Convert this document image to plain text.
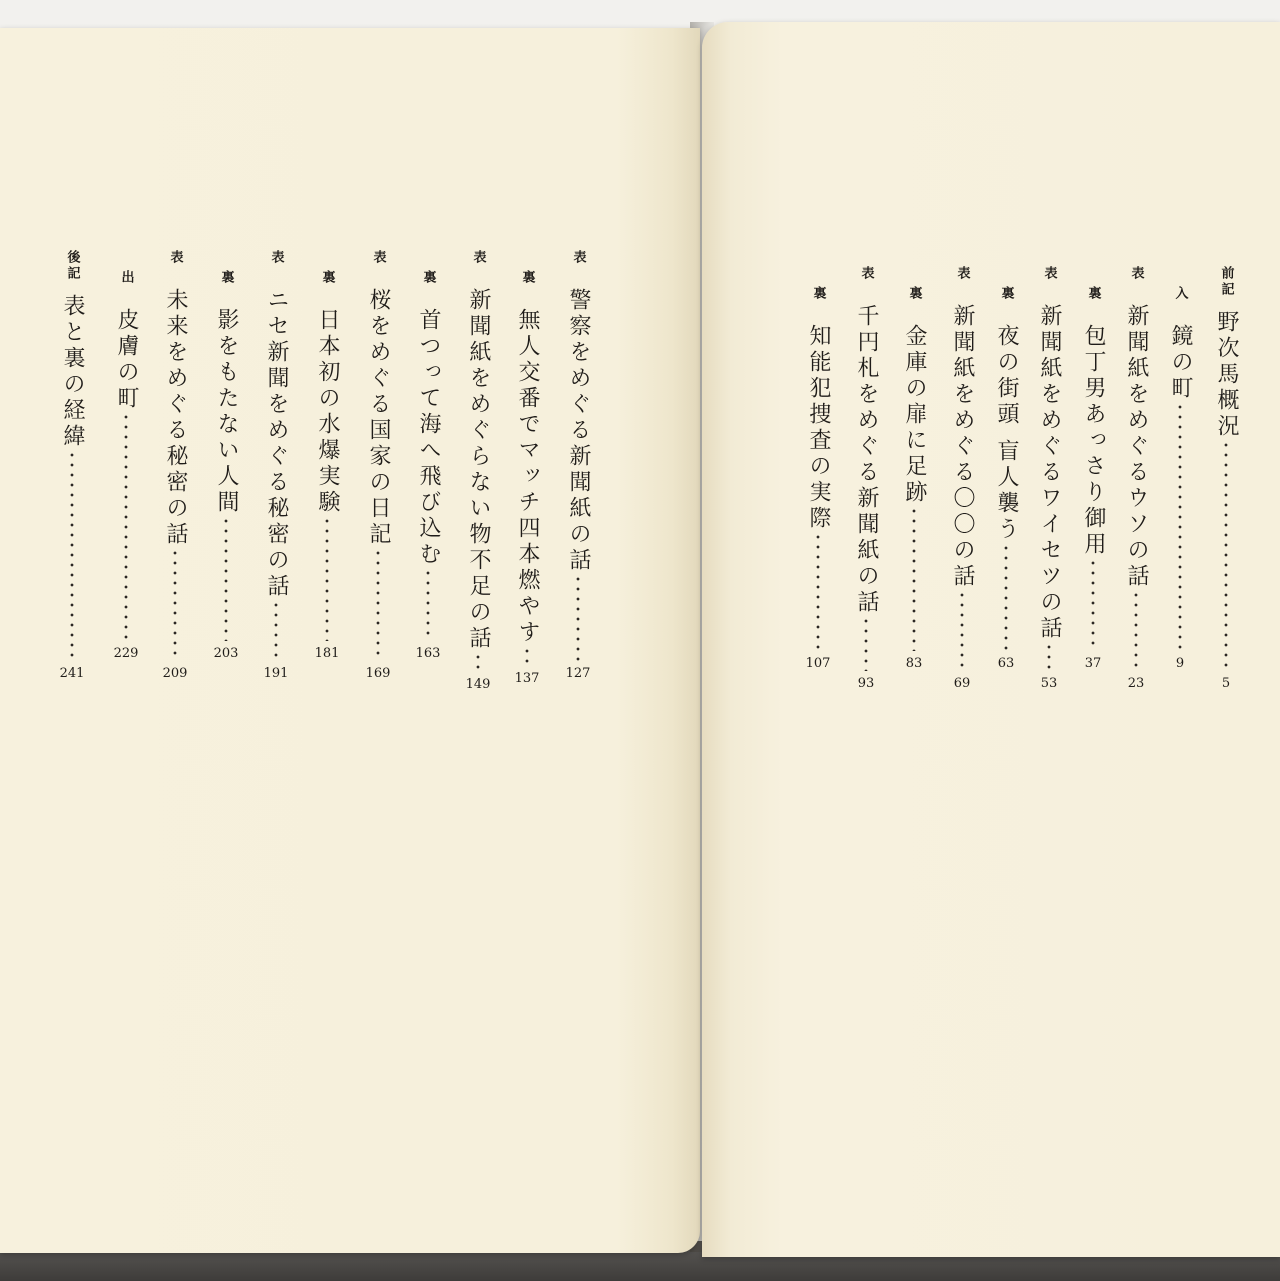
表
警察をめぐる新聞紙の話
127
裏
無人交番でマッチ四本燃やす
137
表
新聞紙をめぐらない物不足の話
149
裏
首つって海へ飛び込む
163
表
桜をめぐる国家の日記
169
裏
日本初の水爆実験
181
表
ニセ新聞をめぐる秘密の話
191
裏
影をもたない人間
203
表
未来をめぐる秘密の話
209
出
皮膚の町
229
後記
表と裏の経緯
241
前記
野次馬概況
5
入
鏡の町
9
表
新聞紙をめぐるウソの話
23
裏
包丁男あっさり御用
37
表
新聞紙をめぐるワイセツの話
53
裏
夜の街頭 盲人襲う
63
表
新聞紙をめぐる〇〇の話
69
裏
金庫の扉に足跡
83
表
千円札をめぐる新聞紙の話
93
裏
知能犯捜査の実際
107
